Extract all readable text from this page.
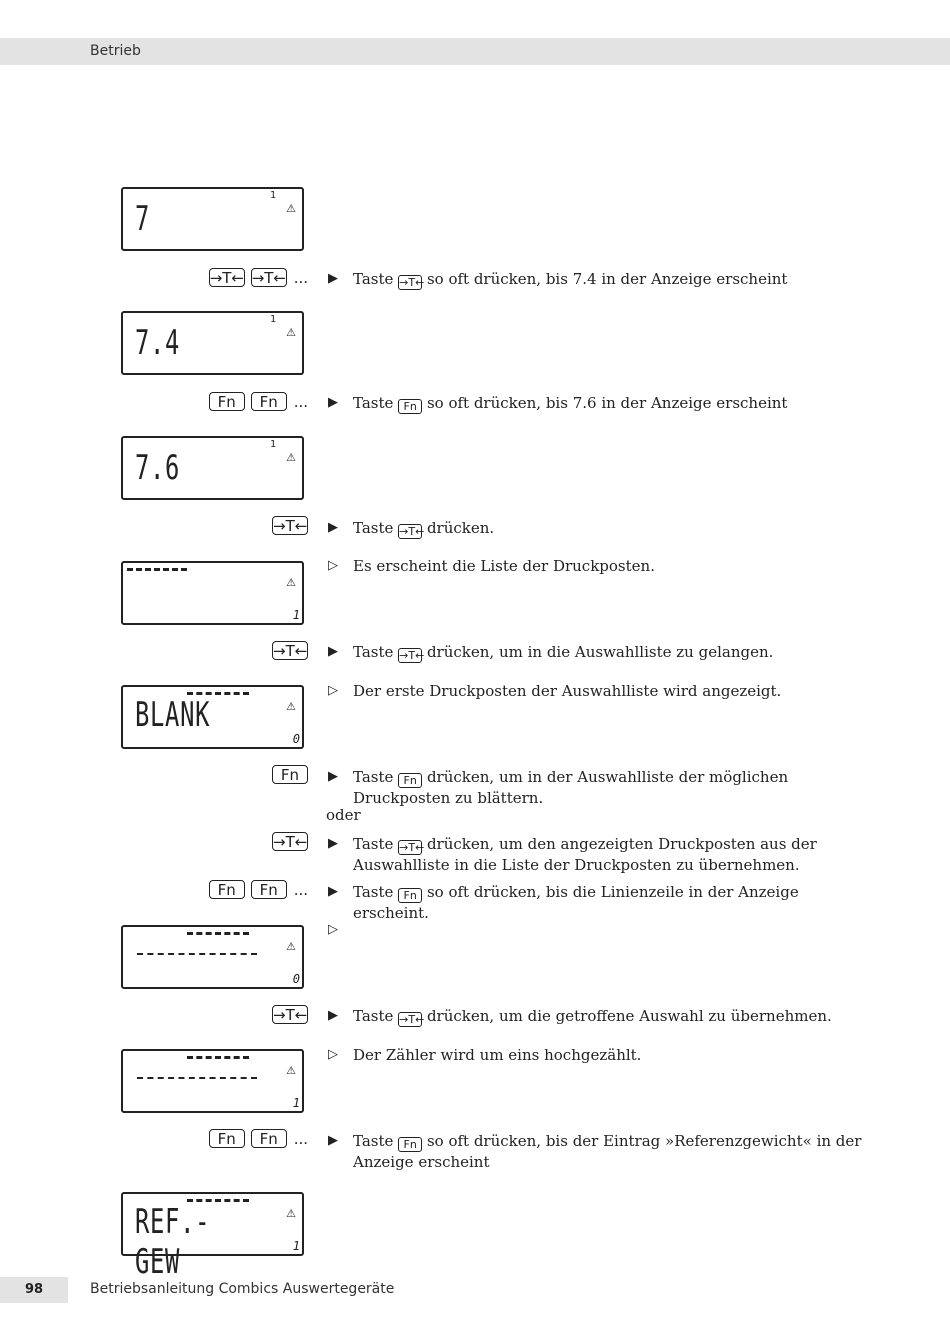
Betrieb
98	Betriebsanleitung Combics Auswertegeräte
1
7	⚠
→T← →T← ... ▶	Taste →T← so oft drücken, bis 7.4 in der Anzeige erscheint
1
7.4	⚠
Fn	Fn	... ▶	Taste Fn so oft drücken, bis 7.6 in der Anzeige erscheint
1
7.6	⚠
→T← ▶	Taste →T← drücken.
▷	Es erscheint die Liste der Druckposten.
⚠
1
→T← ▶	Taste →T← drücken, um in die Auswahlliste zu gelangen.
▷	Der erste Druckposten der Auswahlliste wird angezeigt.
BLANK	⚠
0
Fn	▶	Taste Fn drücken, um in der Auswahlliste der möglichen Druckposten zu blättern.
oder
→T← ▶	Taste →T← drücken, um den angezeigten Druckposten aus der Auswahlliste in die Liste der Druckposten zu übernehmen.
Fn	Fn	... ▶	Taste Fn so oft drücken, bis die Linienzeile in der Anzeige erscheint.
▷
⚠
0
→T← ▶	Taste →T← drücken, um die getroffene Auswahl zu übernehmen.
▷	Der Zähler wird um eins hochgezählt.
⚠
1
Fn	Fn	... ▶	Taste Fn so oft drücken, bis der Eintrag »Referenzgewicht« in der Anzeige erscheint
REF.-GEW
⚠
1
